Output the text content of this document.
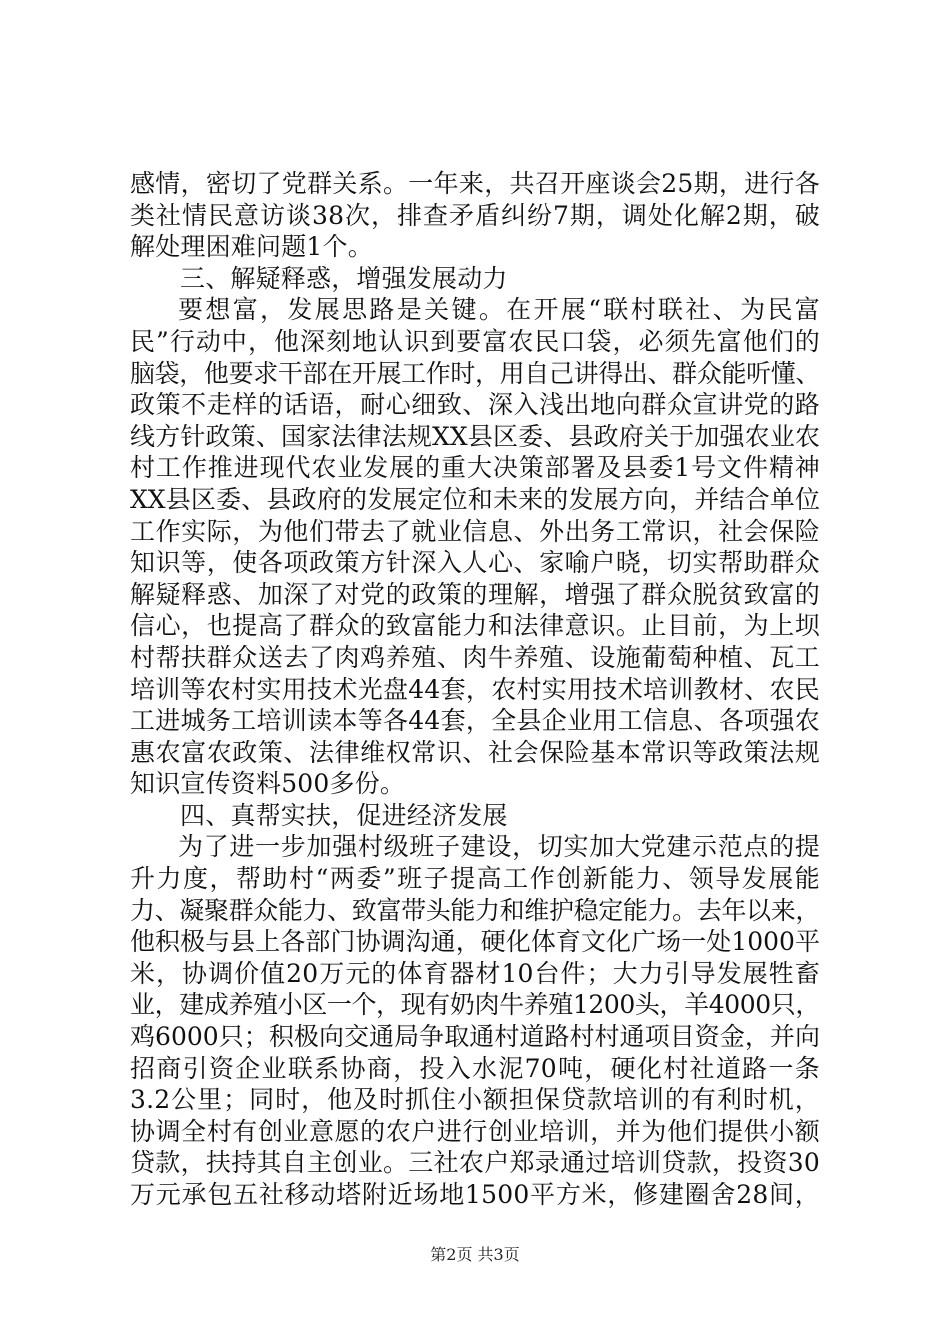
感情，密切了党群关系。一年来，共召开座谈会25期，进行各
类社情民意访谈38次，排查矛盾纠纷7期，调处化解2期，破
解处理困难问题1个。
三、解疑释惑，增强发展动力
要想富，发展思路是关键。在开展“联村联社、为民富
民”行动中，他深刻地认识到要富农民口袋，必须先富他们的
脑袋，他要求干部在开展工作时，用自己讲得出、群众能听懂、
政策不走样的话语，耐心细致、深入浅出地向群众宣讲党的路
线方针政策、国家法律法规XX县区委、县政府关于加强农业农
村工作推进现代农业发展的重大决策部署及县委1号文件精神
XX县区委、县政府的发展定位和未来的发展方向，并结合单位
工作实际，为他们带去了就业信息、外出务工常识，社会保险
知识等，使各项政策方针深入人心、家喻户晓，切实帮助群众
解疑释惑、加深了对党的政策的理解，增强了群众脱贫致富的
信心，也提高了群众的致富能力和法律意识。止目前，为上坝
村帮扶群众送去了肉鸡养殖、肉牛养殖、设施葡萄种植、瓦工
培训等农村实用技术光盘44套，农村实用技术培训教材、农民
工进城务工培训读本等各44套，全县企业用工信息、各项强农
惠农富农政策、法律维权常识、社会保险基本常识等政策法规
知识宣传资料500多份。
四、真帮实扶，促进经济发展
为了进一步加强村级班子建设，切实加大党建示范点的提
升力度，帮助村“两委”班子提高工作创新能力、领导发展能
力、凝聚群众能力、致富带头能力和维护稳定能力。去年以来，
他积极与县上各部门协调沟通，硬化体育文化广场一处1000平
米，协调价值20万元的体育器材10台件；大力引导发展牲畜
业，建成养殖小区一个，现有奶肉牛养殖1200头，羊4000只，
鸡6000只；积极向交通局争取通村道路村村通项目资金，并向
招商引资企业联系协商，投入水泥70吨，硬化村社道路一条
3.2公里；同时，他及时抓住小额担保贷款培训的有利时机，
协调全村有创业意愿的农户进行创业培训，并为他们提供小额
贷款，扶持其自主创业。三社农户郑录通过培训贷款，投资30
万元承包五社移动塔附近场地1500平方米，修建圈舍28间，
第2页 共3页
